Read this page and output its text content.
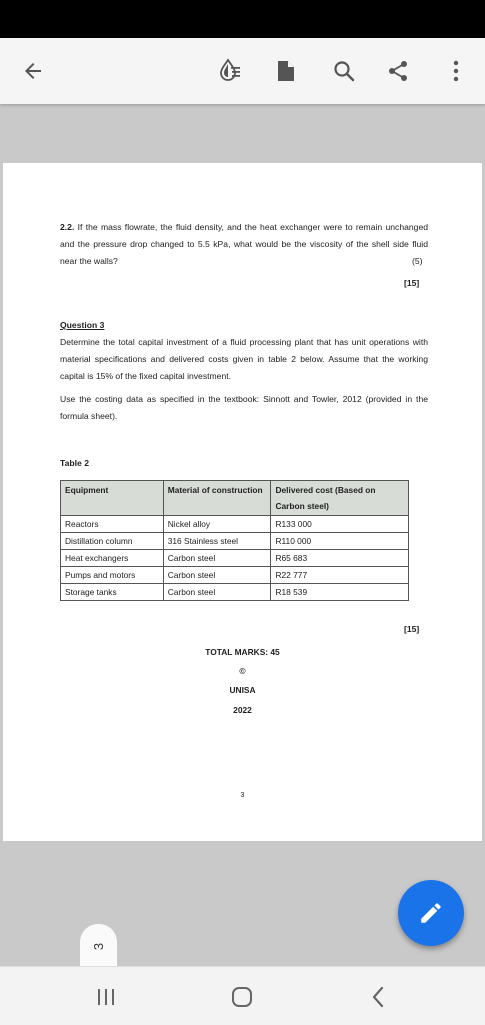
2.2. If the mass flowrate, the fluid density, and the heat exchanger were to remain unchanged and the pressure drop changed to 5.5 kPa, what would be the viscosity of the shell side fluid near the walls?	(5)
[15]
Question 3
Determine the total capital investment of a fluid processing plant that has unit operations with material specifications and delivered costs given in table 2 below. Assume that the working capital is 15% of the fixed capital investment.
Use the costing data as specified in the textbook: Sinnott and Towler, 2012 (provided in the formula sheet).
Table 2
Equipment	Material of construction	Delivered cost (Based on Carbon steel)
Reactors	Nickel alloy	R133 000
Distillation column	316 Stainless steel	R110 000
Heat exchangers	Carbon steel	R65 683
Pumps and motors	Carbon steel	R22 777
Storage tanks	Carbon steel	R18 539
[15]
TOTAL MARKS: 45
©
UNISA
2022
3
3
